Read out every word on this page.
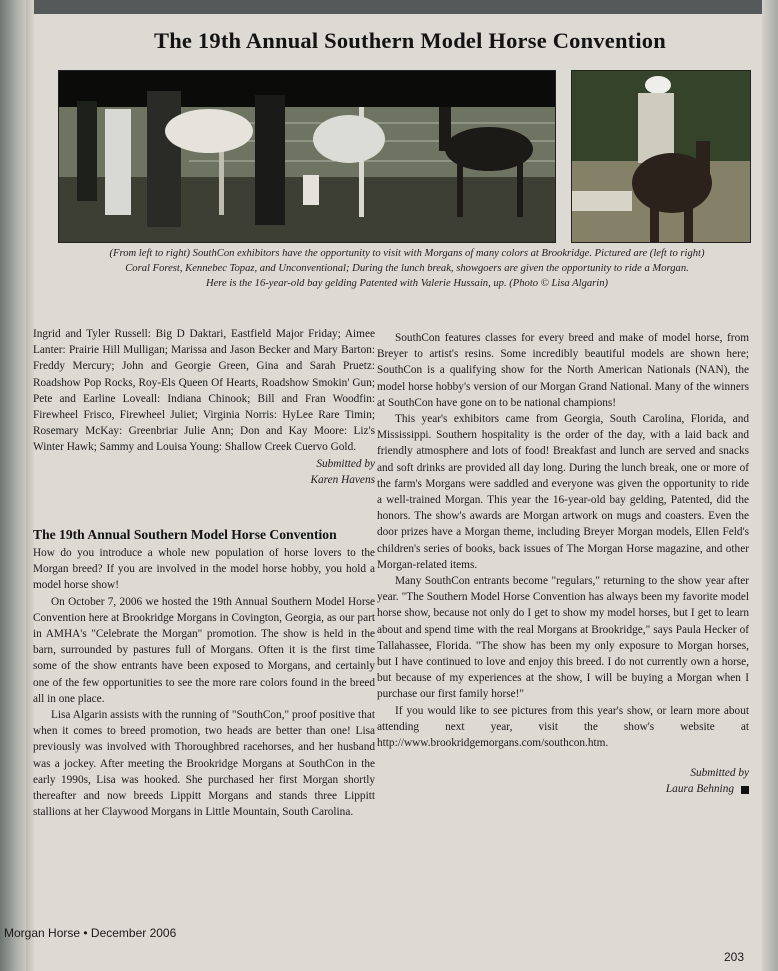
The 19th Annual Southern Model Horse Convention
(From left to right) SouthCon exhibitors have the opportunity to visit with Morgans of many colors at Brookridge. Pictured are (left to right)
Coral Forest, Kennebec Topaz, and Unconventional; During the lunch break, showgoers are given the opportunity to ride a Morgan.
Here is the 16-year-old bay gelding Patented with Valerie Hussain, up. (Photo © Lisa Algarin)

Ingrid and Tyler Russell: Big D Daktari, Eastfield Major Friday; Aimee Lanter: Prairie Hill Mulligan; Marissa and Jason Becker and Mary Barton: Freddy Mercury; John and Georgie Green, Gina and Sarah Pruetz: Roadshow Pop Rocks, Roy-Els Queen Of Hearts, Roadshow Smokin' Gun; Pete and Earline Loveall: Indiana Chinook; Bill and Fran Woodfin: Firewheel Frisco, Firewheel Juliet; Virginia Norris: HyLee Rare Timin; Rosemary McKay: Greenbriar Julie Ann; Don and Kay Moore: Liz's Winter Hawk; Sammy and Louisa Young: Shallow Creek Cuervo Gold.

Submitted by
Karen Havens
The 19th Annual Southern Model Horse Convention

How do you introduce a whole new population of horse lovers to the Morgan breed? If you are involved in the model horse hobby, you hold a model horse show!

On October 7, 2006 we hosted the 19th Annual Southern Model Horse Convention here at Brookridge Morgans in Covington, Georgia, as our part in AMHA's "Celebrate the Morgan" promotion. The show is held in the barn, surrounded by pastures full of Morgans. Often it is the first time some of the show entrants have been exposed to Morgans, and certainly one of the few opportunities to see the more rare colors found in the breed all in one place.

Lisa Algarin assists with the running of "SouthCon," proof positive that when it comes to breed promotion, two heads are better than one! Lisa previously was involved with Thoroughbred racehorses, and her husband was a jockey. After meeting the Brookridge Morgans at SouthCon in the early 1990s, Lisa was hooked. She purchased her first Morgan shortly thereafter and now breeds Lippitt Morgans and stands three Lippitt stallions at her Claywood Morgans in Little Mountain, South Carolina.

SouthCon features classes for every breed and make of model horse, from Breyer to artist's resins. Some incredibly beautiful models are shown here; SouthCon is a qualifying show for the North American Nationals (NAN), the model horse hobby's version of our Morgan Grand National. Many of the winners at SouthCon have gone on to be national champions!

This year's exhibitors came from Georgia, South Carolina, Florida, and Mississippi. Southern hospitality is the order of the day, with a laid back and friendly atmosphere and lots of food! Breakfast and lunch are served and snacks and soft drinks are provided all day long. During the lunch break, one or more of the farm's Morgans were saddled and everyone was given the opportunity to ride a well-trained Morgan. This year the 16-year-old bay gelding, Patented, did the honors. The show's awards are Morgan artwork on mugs and coasters. Even the door prizes have a Morgan theme, including Breyer Morgan models, Ellen Feld's children's series of books, back issues of The Morgan Horse magazine, and other Morgan-related items.

Many SouthCon entrants become "regulars," returning to the show year after year. "The Southern Model Horse Convention has always been my favorite model horse show, because not only do I get to show my model horses, but I get to learn about and spend time with the real Morgans at Brookridge," says Paula Hecker of Tallahassee, Florida. "The show has been my only exposure to Morgan horses, but I have continued to love and enjoy this breed. I do not currently own a horse, but because of my experiences at the show, I will be buying a Morgan when I purchase our first family horse!"

If you would like to see pictures from this year's show, or learn more about attending next year, visit the show's website at http://www.brookridgemorgans.com/southcon.htm.

Submitted by
Laura Behning
Morgan Horse • December 2006
203
